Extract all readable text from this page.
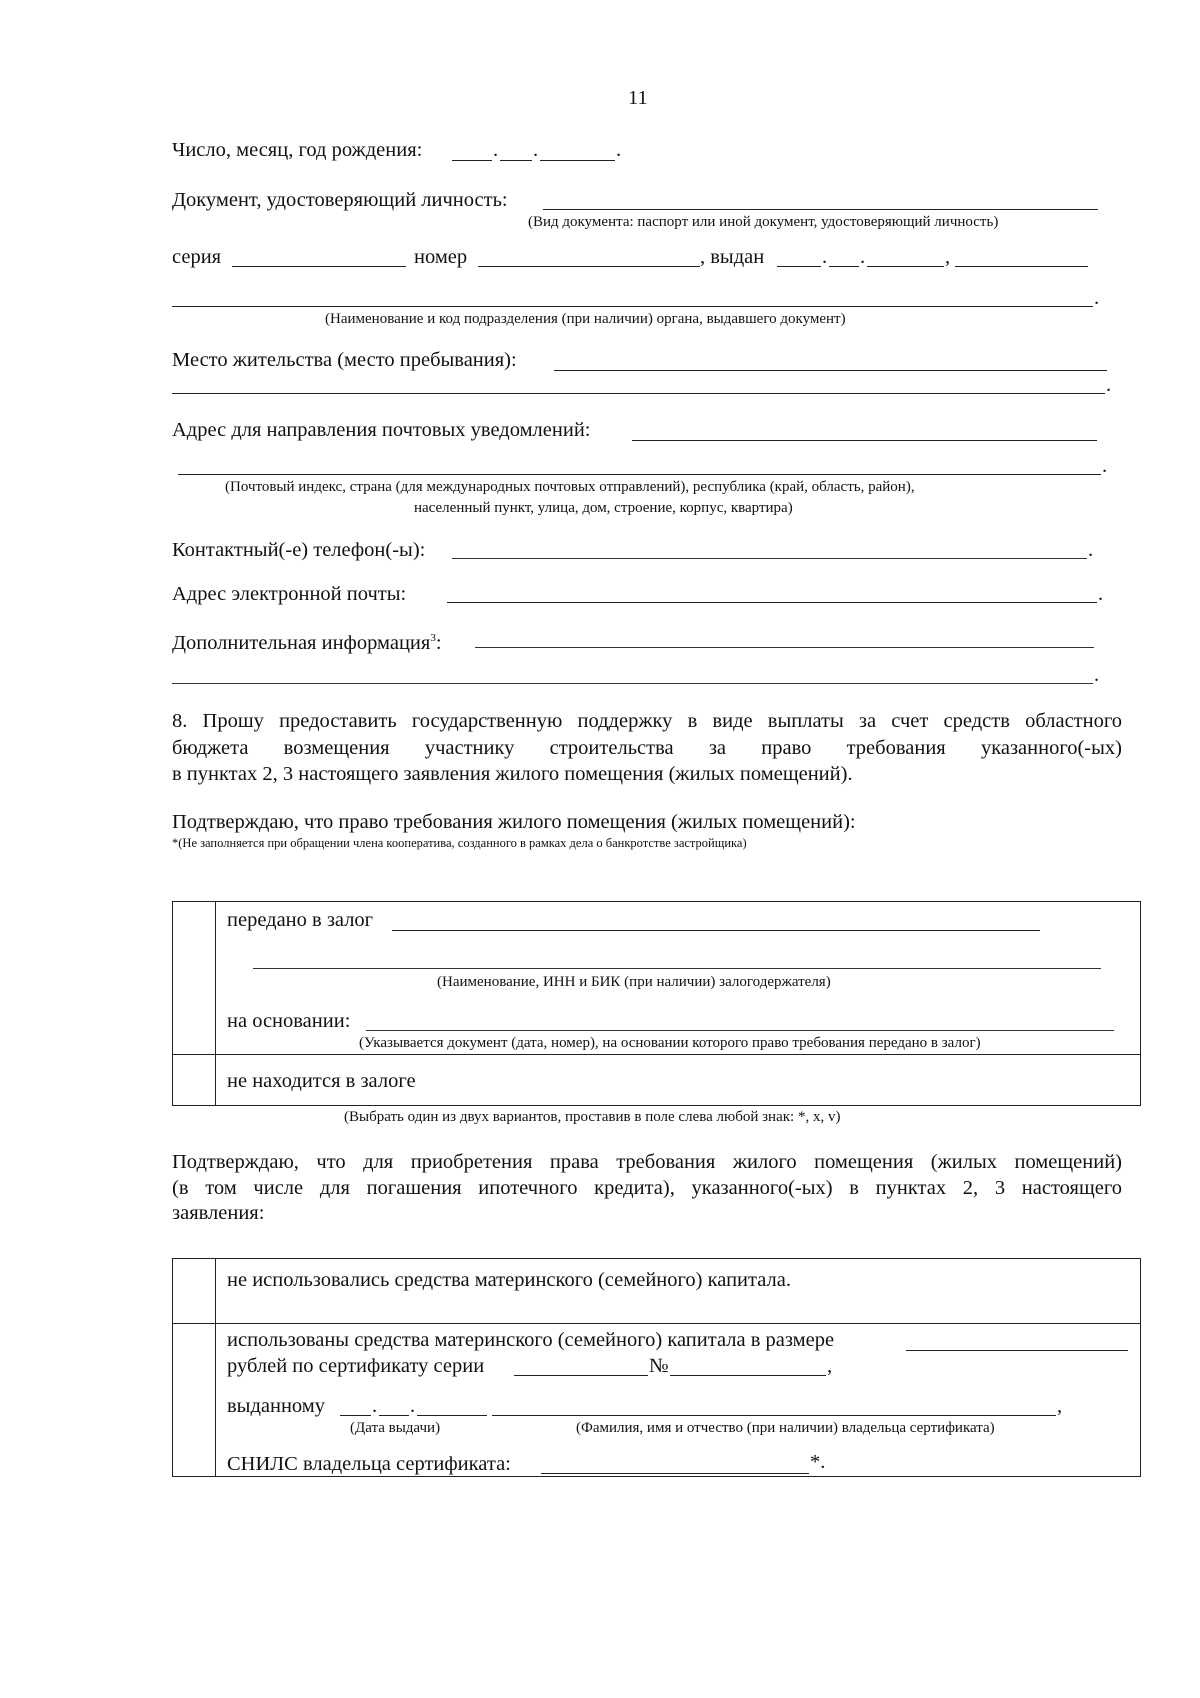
11
Число, месяц, год рождения:	. .	.
Документ, удостоверяющий личность:
(Вид документа: паспорт или иной документ, удостоверяющий личность)
серия	номер	, выдан	. .	,
.
(Наименование и код подразделения (при наличии) органа, выдавшего документ)
Место жительства (место пребывания):
.
Адрес для направления почтовых уведомлений:
.
(Почтовый индекс, страна (для международных почтовых отправлений), республика (край, область, район),
населенный пункт, улица, дом, строение, корпус, квартира)
Контактный(-е) телефон(-ы):	.
Адрес электронной почты:	.
Дополнительная информация$^3$:
.
8. Прошу предоставить государственную поддержку в виде выплаты за счет средств областного
бюджета возмещения участнику строительства за право требования указанного(-ых)
в пунктах 2, 3 настоящего заявления жилого помещения (жилых помещений).
Подтверждаю, что право требования жилого помещения (жилых помещений):
*(Не заполняется при обращении члена кооператива, созданного в рамках дела о банкротстве застройщика)
передано в залог
(Наименование, ИНН и БИК (при наличии) залогодержателя)
на основании:
(Указывается документ (дата, номер), на основании которого право требования передано в залог)
не находится в залоге
(Выбрать один из двух вариантов, проставив в поле слева любой знак: *, x, v)
Подтверждаю, что для приобретения права требования жилого помещения (жилых помещений)
(в том числе для погашения ипотечного кредита), указанного(-ых) в пунктах 2, 3 настоящего
заявления:
не использовались средства материнского (семейного) капитала.
использованы средства материнского (семейного) капитала в размере
рублей по сертификату серии	№	,
выданному . .	,
(Дата выдачи)	(Фамилия, имя и отчество (при наличии) владельца сертификата)
СНИЛС владельца сертификата:	*.
